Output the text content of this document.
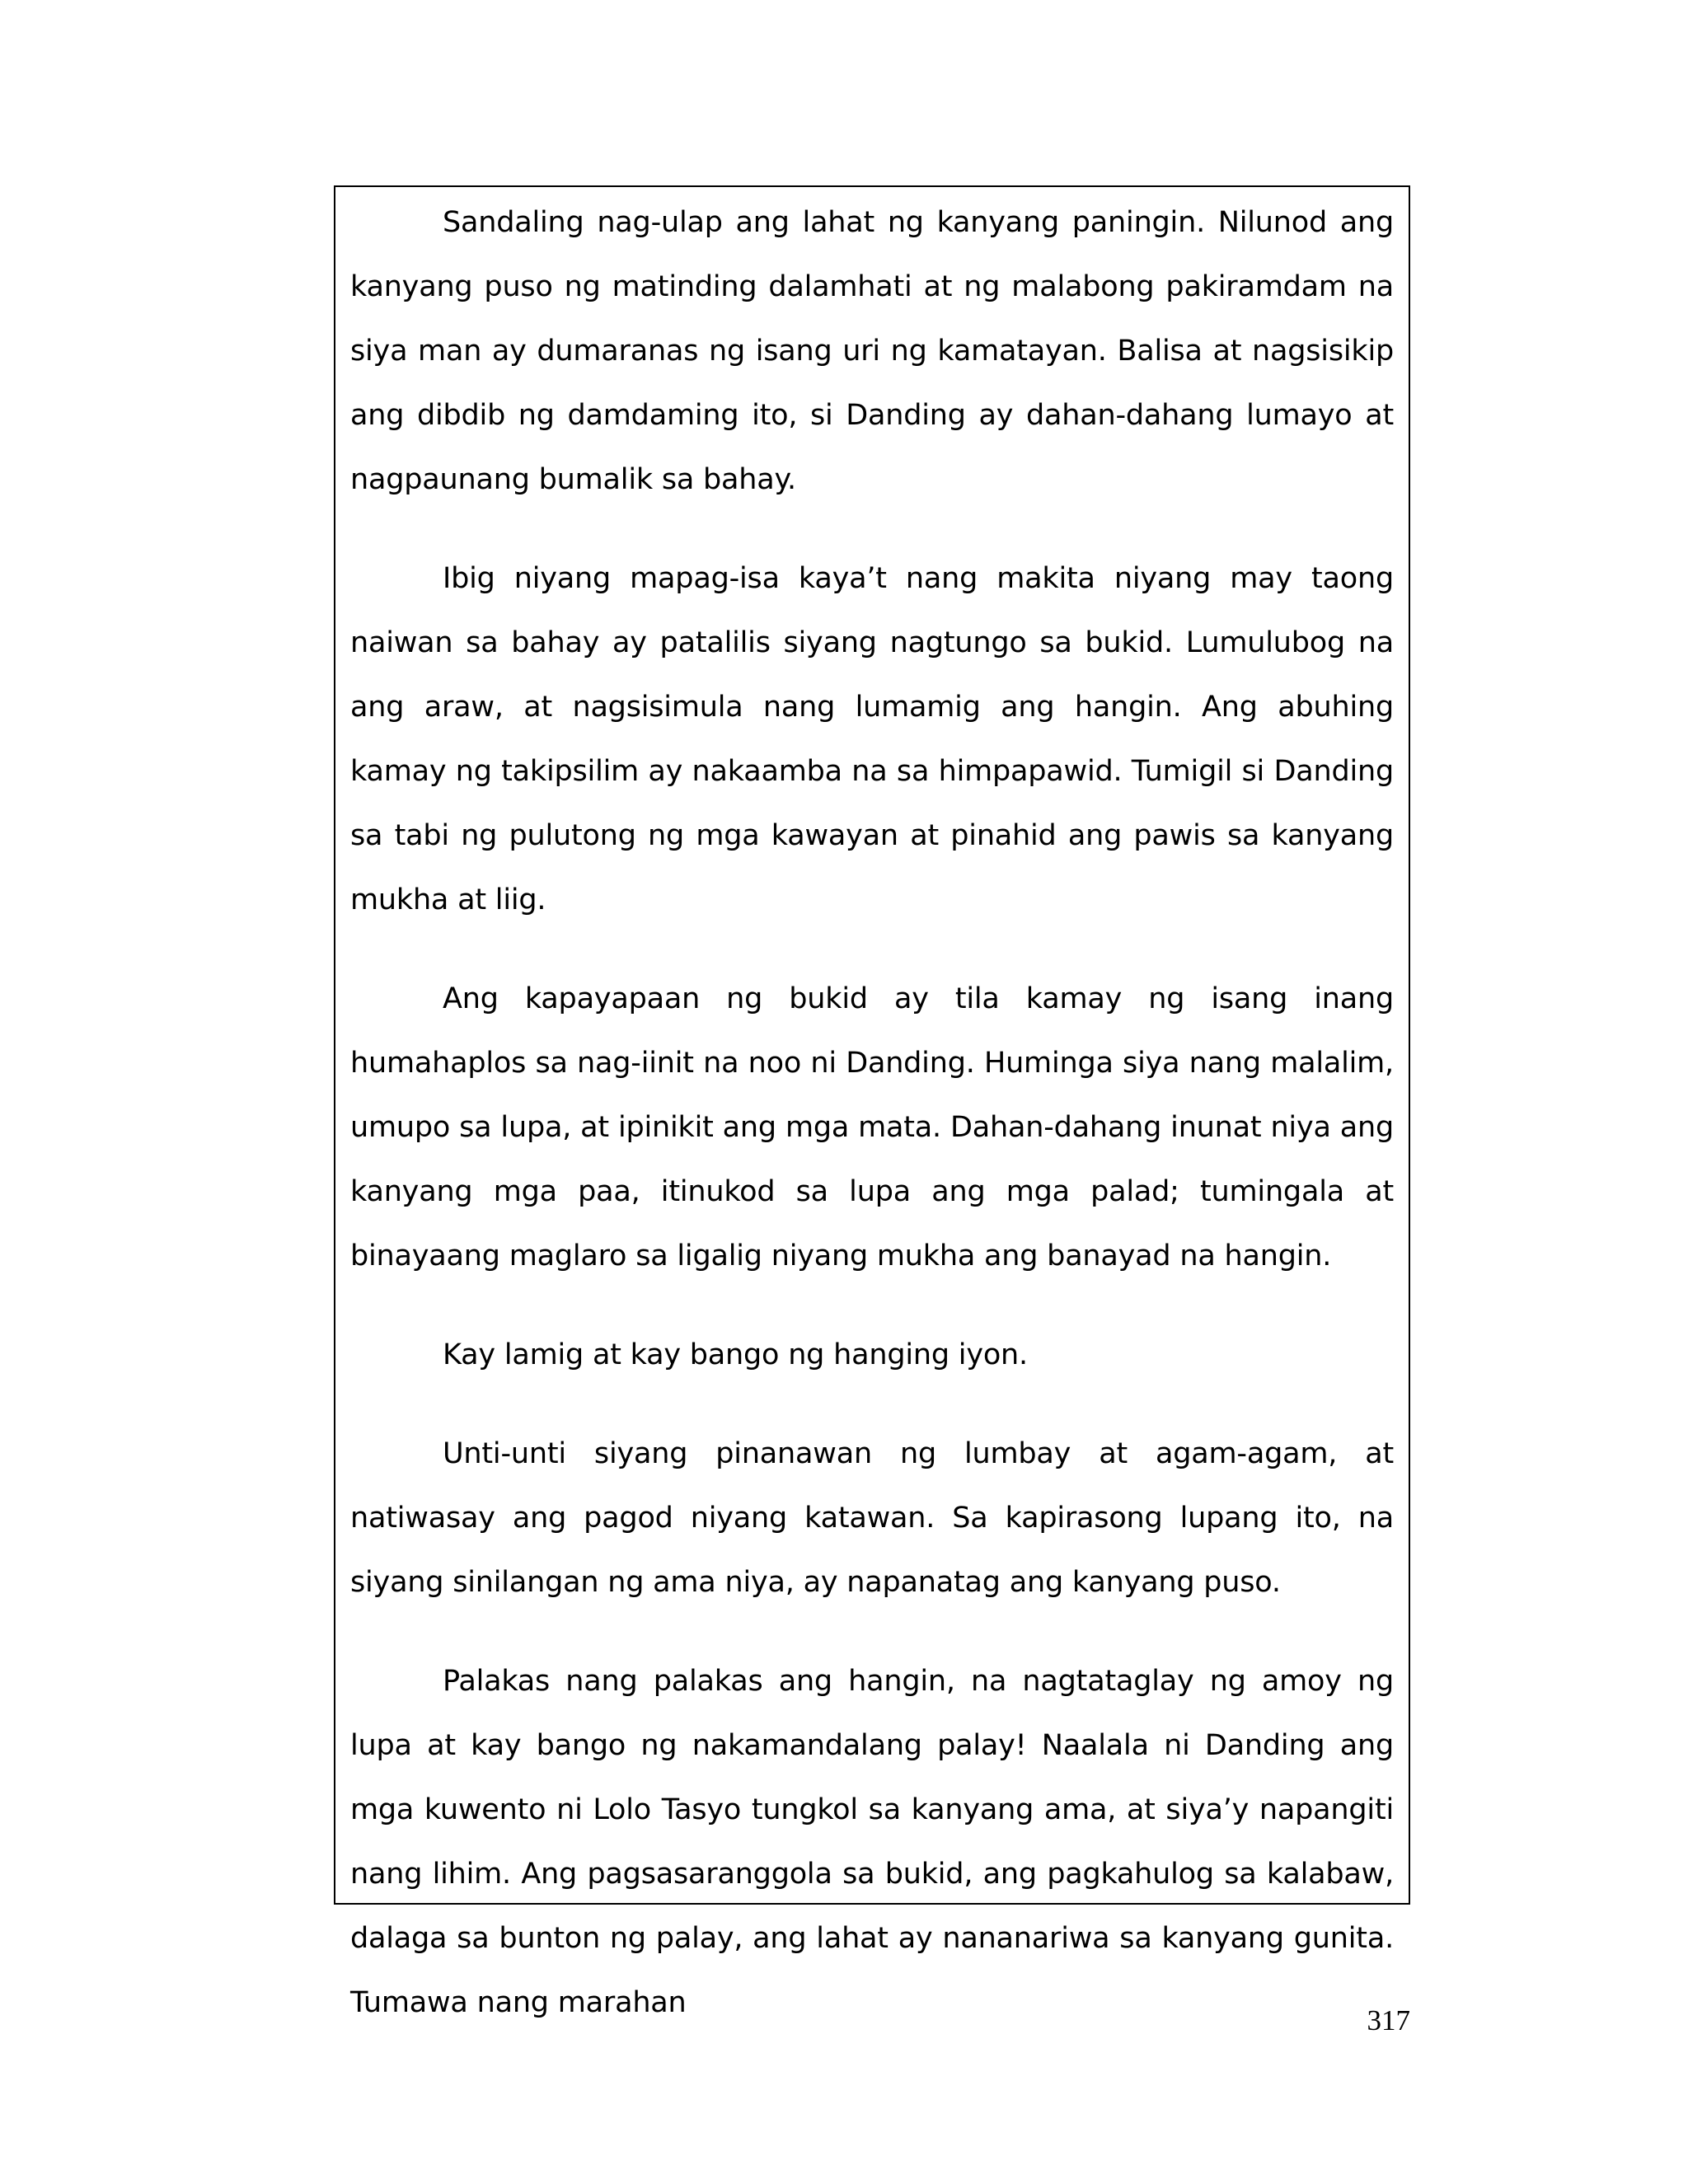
Sandaling nag-ulap ang lahat ng kanyang paningin. Nilunod ang kanyang puso ng matinding dalamhati at ng malabong pakiramdam na siya man ay dumaranas ng isang uri ng kamatayan. Balisa at nagsisikip ang dibdib ng damdaming ito, si Danding ay dahan-dahang lumayo at nagpaunang bumalik sa bahay.

Ibig niyang mapag-isa kaya’t nang makita niyang may taong naiwan sa bahay ay patalilis siyang nagtungo sa bukid. Lumulubog na ang araw, at nagsisimula nang lumamig ang hangin. Ang abuhing kamay ng takipsilim ay nakaamba na sa himpapawid. Tumigil si Danding sa tabi ng pulutong ng mga kawayan at pinahid ang pawis sa kanyang mukha at liig.

Ang kapayapaan ng bukid ay tila kamay ng isang inang humahaplos sa nag-iinit na noo ni Danding. Huminga siya nang malalim, umupo sa lupa, at ipinikit ang mga mata. Dahan-dahang inunat niya ang kanyang mga paa, itinukod sa lupa ang mga palad; tumingala at binayaang maglaro sa ligalig niyang mukha ang banayad na hangin.

Kay lamig at kay bango ng hanging iyon.

Unti-unti siyang pinanawan ng lumbay at agam-agam, at natiwasay ang pagod niyang katawan. Sa kapirasong lupang ito, na siyang sinilangan ng ama niya, ay napanatag ang kanyang puso.

Palakas nang palakas ang hangin, na nagtataglay ng amoy ng lupa at kay bango ng nakamandalang palay! Naalala ni Danding ang mga kuwento ni Lolo Tasyo tungkol sa kanyang ama, at siya’y napangiti nang lihim. Ang pagsasaranggola sa bukid, ang pagkahulog sa kalabaw, dalaga sa bunton ng palay, ang lahat ay nananariwa sa kanyang gunita. Tumawa nang marahan

317
